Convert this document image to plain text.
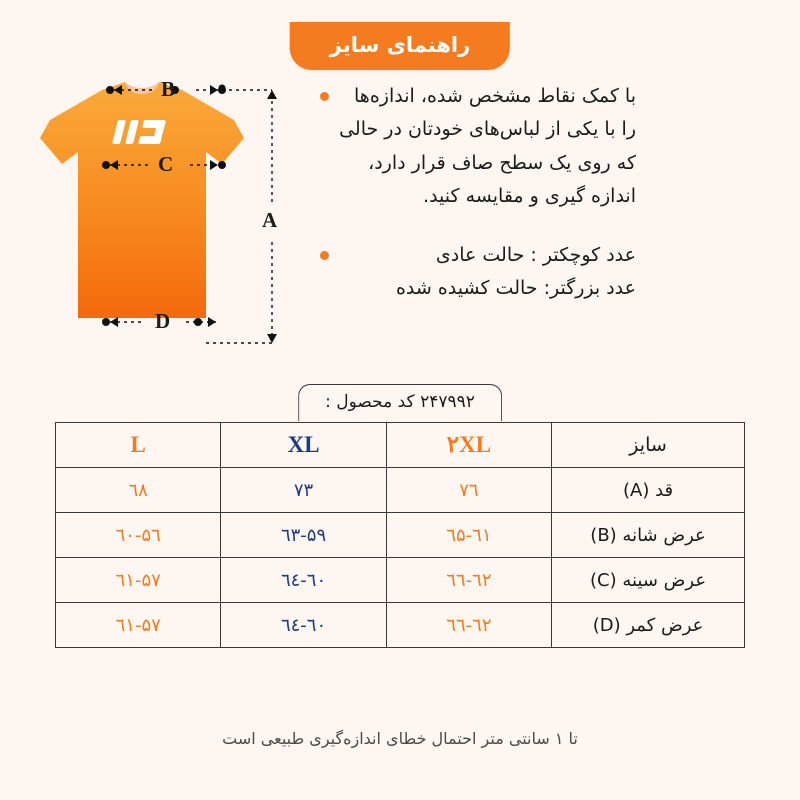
راهنمای سایز
B
C
D
A
با کمک نقاط مشخص شده، اندازه‌ها
را با یکی از لباس‌های خودتان در حالی
که روی یک سطح صاف قرار دارد،
اندازه گیری و مقایسه کنید.
عدد کوچکتر : حالت عادی
عدد بزرگتر: حالت کشیده شده
۲۴۷۹۹۲ کد محصول :
سایز	۲XL	XL	L
قد (A)	۷٦	۷۳	٦۸
عرض شانه (B)	٦۱-٦۵	۵۹-٦۳	۵٦-٦۰
عرض سینه (C)	٦۲-٦٦	٦۰-٦٤	۵۷-٦۱
عرض کمر (D)	٦۲-٦٦	٦۰-٦٤	۵۷-٦۱
تا ۱ سانتی متر احتمال خطای اندازه‌گیری طبیعی است
